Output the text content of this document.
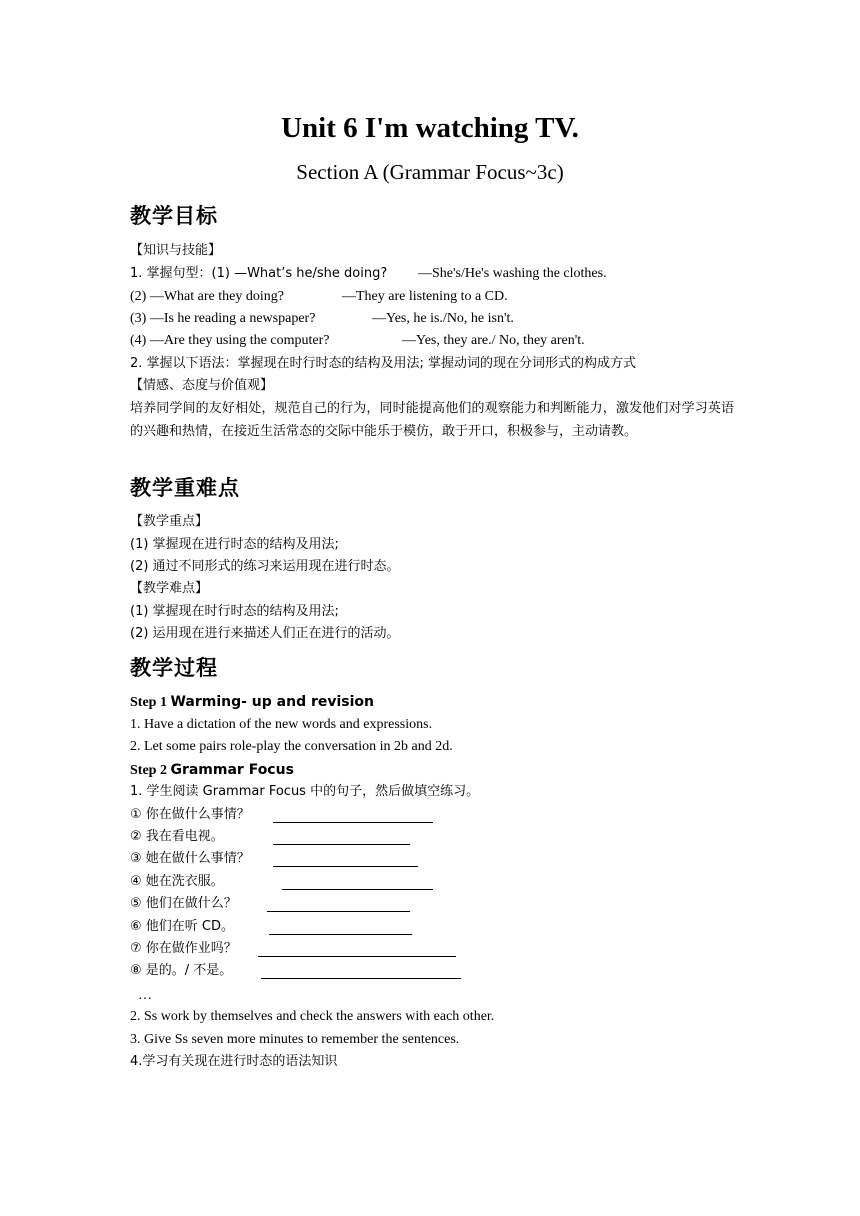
Unit 6 I'm watching TV.
Section A (Grammar Focus~3c)
教学目标
【知识与技能】
1. 掌握句型：(1) —What’s he/she doing? —She's/He's washing the clothes.
(2) —What are they doing?	—They are listening to a CD.
(3) —Is he reading a newspaper?	—Yes, he is./No, he isn't.
(4) —Are they using the computer?	—Yes, they are./ No, they aren't.
2. 掌握以下语法：掌握现在时行时态的结构及用法; 掌握动词的现在分词形式的构成方式
【情感、态度与价值观】
培养同学间的友好相处，规范自己的行为，同时能提高他们的观察能力和判断能力，激发他们对学习英语的兴趣和热情，在接近生活常态的交际中能乐于模仿，敢于开口，积极参与，主动请教。
教学重难点
【教学重点】
(1) 掌握现在进行时态的结构及用法;
(2) 通过不同形式的练习来运用现在进行时态。
【教学难点】
(1) 掌握现在时行时态的结构及用法;
(2) 运用现在进行来描述人们正在进行的活动。
教学过程
Step 1 Warming- up and revision
1. Have a dictation of the new words and expressions.
2. Let some pairs role-play the conversation in 2b and 2d.
Step 2 Grammar Focus
1. 学生阅读 Grammar Focus 中的句子，然后做填空练习。
① 你在做什么事情？
② 我在看电视。
③ 她在做什么事情？
④ 她在洗衣服。
⑤ 他们在做什么？
⑥ 他们在听 CD。
⑦ 你在做作业吗？
⑧ 是的。/ 不是。
…
2. Ss work by themselves and check the answers with each other.
3. Give Ss seven more minutes to remember the sentences.
4.学习有关现在进行时态的语法知识
